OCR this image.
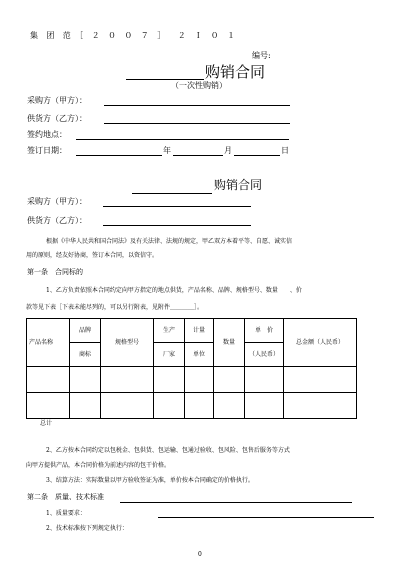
集　团　范　［　２　０　０　７　］　　２　Ｉ　０　１
编号:
购销合同
（一次性购销）
采购方（甲方）：
供货方（乙方）：
签约地点：
签订日期：	年	月	日
购销合同
采购方（甲方）：
供货方（乙方）：
根据《中华人民共和国合同法》及有关法律、法规的规定，甲乙双方本着平等、自愿、诚实信
用的原则，经友好协商，签订本合同，以资信守。
第一条　合同标的
1、乙方负责依照本合同约定向甲方指定的地点供货，产品名称、品牌、规格型号、数量　　、价
款等见下表［下表未能尽列的，可以另行附表，见附件＿＿＿＿］。
产品名称	品牌	规格型号	生产	计量	数量	单　价	总金额（人民币）
	商标		厂家	单位		（人民币）	

总计
2、乙方按本合同约定以包税金、包供货、包运输、包通过验收、包风险、包售后服务等方式
向甲方提供产品，本合同价格为前述内容的包干价格。
3、结算方法：实际数量以甲方验收签证为准，单价按本合同确定的价格执行。
第二条　质量、技术标准
1、质量要求：
2、技术标准按下列规定执行：
0
